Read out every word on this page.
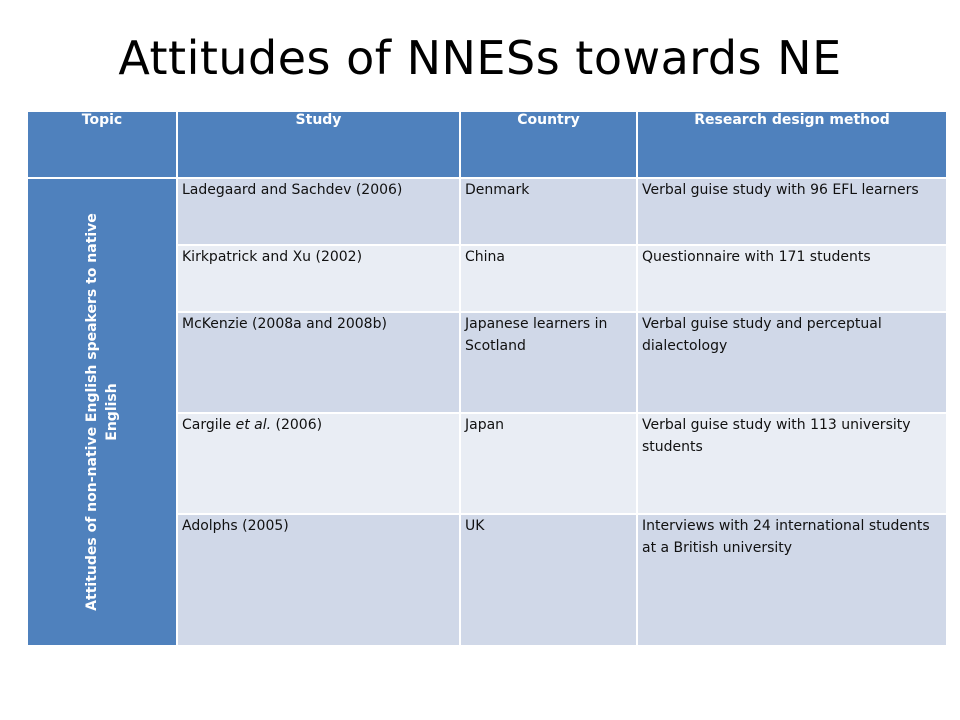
Attitudes of NNESs towards NE
Topic	Study	Country	Research design method

Attitudes of non-native English speakers to native English	Ladegaard and Sachdev (2006)	Denmark	Verbal guise study with 96 EFL learners
	Kirkpatrick and Xu (2002)	China	Questionnaire with 171 students
	McKenzie (2008a and 2008b)	Japanese learners in Scotland	Verbal guise study and perceptual dialectology
	Cargile et al. (2006)	Japan	Verbal guise study with 113 university students
	Adolphs (2005)	UK	Interviews with 24 international students at a British university
